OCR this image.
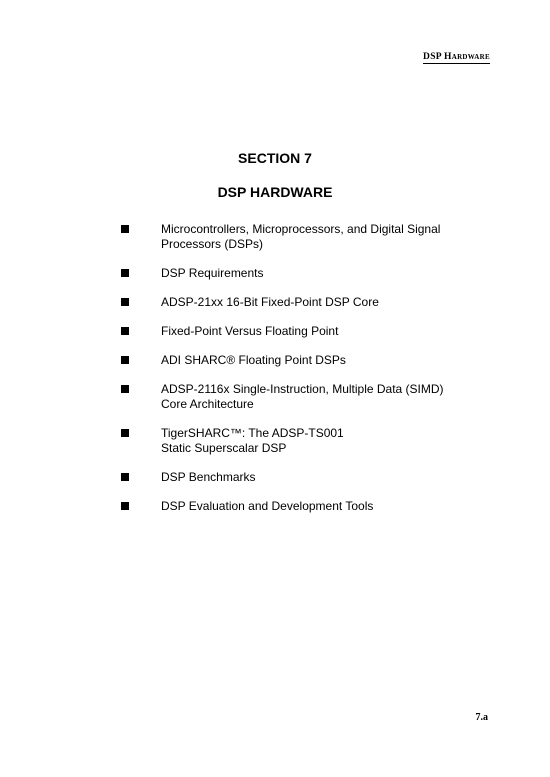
DSP HARDWARE
SECTION 7
DSP HARDWARE
Microcontrollers, Microprocessors, and Digital Signal
Processors (DSPs)
DSP Requirements
ADSP-21xx 16-Bit Fixed-Point DSP Core
Fixed-Point Versus Floating Point
ADI SHARC® Floating Point DSPs
ADSP-2116x Single-Instruction, Multiple Data (SIMD)
Core Architecture
TigerSHARC™: The ADSP-TS001
Static Superscalar DSP
DSP Benchmarks
DSP Evaluation and Development Tools
7.a
